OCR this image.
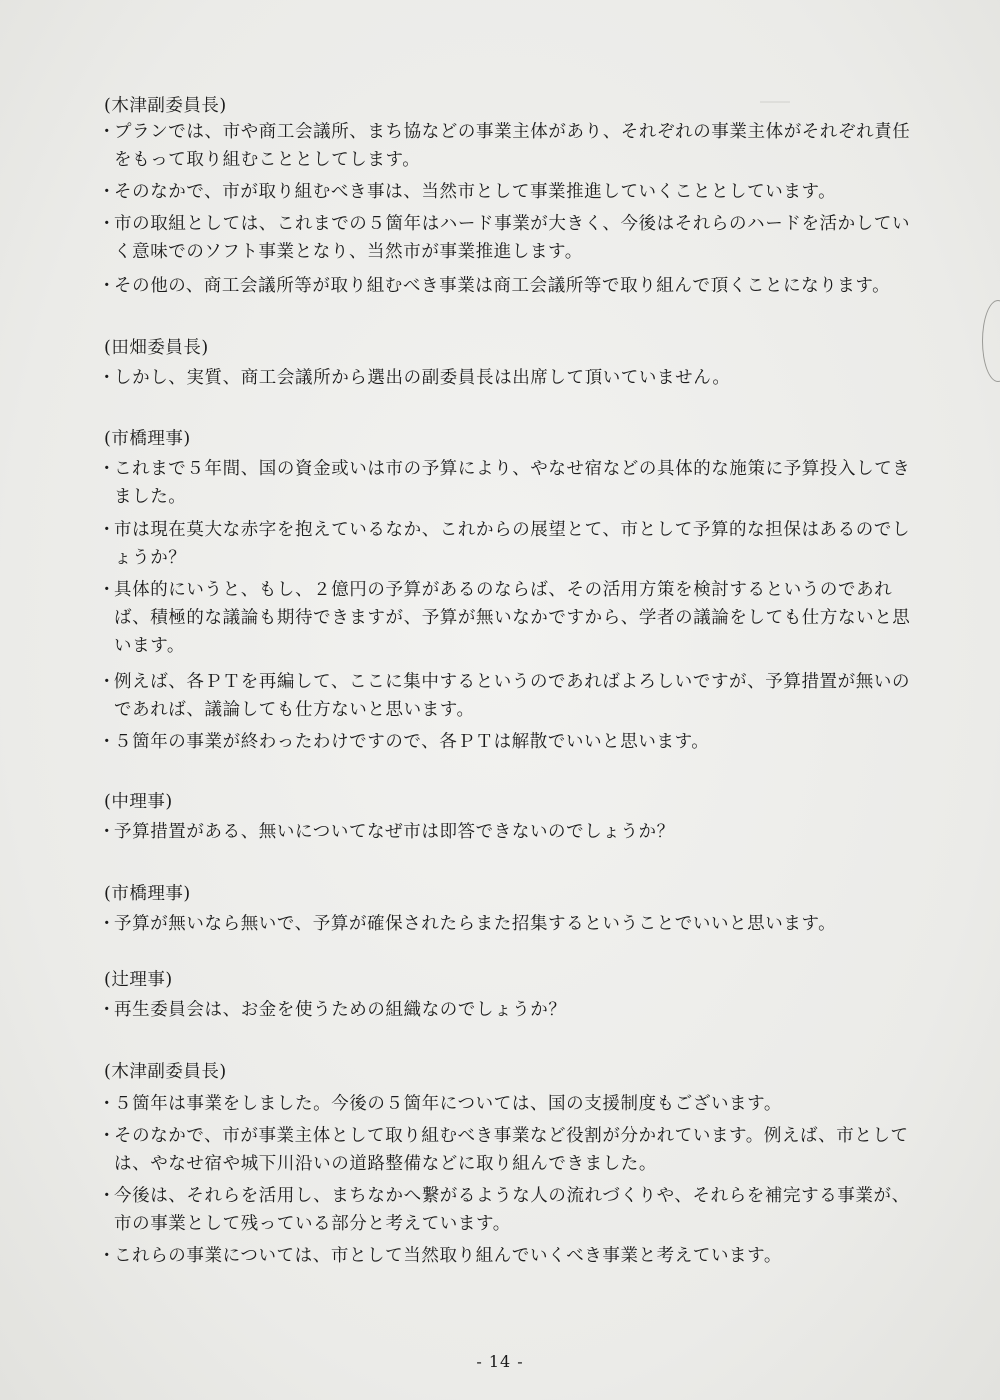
――
(木津副委員長)
・
プランでは、市や商工会議所、まち協などの事業主体があり、それぞれの事業主体がそれぞれ責任をもって取り組むこととしてします。
・
そのなかで、市が取り組むべき事は、当然市として事業推進していくこととしています。
・
市の取組としては、これまでの５箇年はハード事業が大きく、今後はそれらのハードを活かしていく意味でのソフト事業となり、当然市が事業推進します。
・
その他の、商工会議所等が取り組むべき事業は商工会議所等で取り組んで頂くことになります。
(田畑委員長)
・
しかし、実質、商工会議所から選出の副委員長は出席して頂いていません。
(市橋理事)
・
これまで５年間、国の資金或いは市の予算により、やなせ宿などの具体的な施策に予算投入してきました。
・
市は現在莫大な赤字を抱えているなか、これからの展望とて、市として予算的な担保はあるのでしょうか？
・
具体的にいうと、もし、２億円の予算があるのならば、その活用方策を検討するというのであれば、積極的な議論も期待できますが、予算が無いなかですから、学者の議論をしても仕方ないと思います。
・
例えば、各ＰＴを再編して、ここに集中するというのであればよろしいですが、予算措置が無いのであれば、議論しても仕方ないと思います。
・
５箇年の事業が終わったわけですので、各ＰＴは解散でいいと思います。
(中理事)
・
予算措置がある、無いについてなぜ市は即答できないのでしょうか？
(市橋理事)
・
予算が無いなら無いで、予算が確保されたらまた招集するということでいいと思います。
(辻理事)
・
再生委員会は、お金を使うための組織なのでしょうか？
(木津副委員長)
・
５箇年は事業をしました。今後の５箇年については、国の支援制度もございます。
・
そのなかで、市が事業主体として取り組むべき事業など役割が分かれています。例えば、市としては、やなせ宿や城下川沿いの道路整備などに取り組んできました。
・
今後は、それらを活用し、まちなかへ繋がるような人の流れづくりや、それらを補完する事業が、市の事業として残っている部分と考えています。
・
これらの事業については、市として当然取り組んでいくべき事業と考えています。
- 14 -
